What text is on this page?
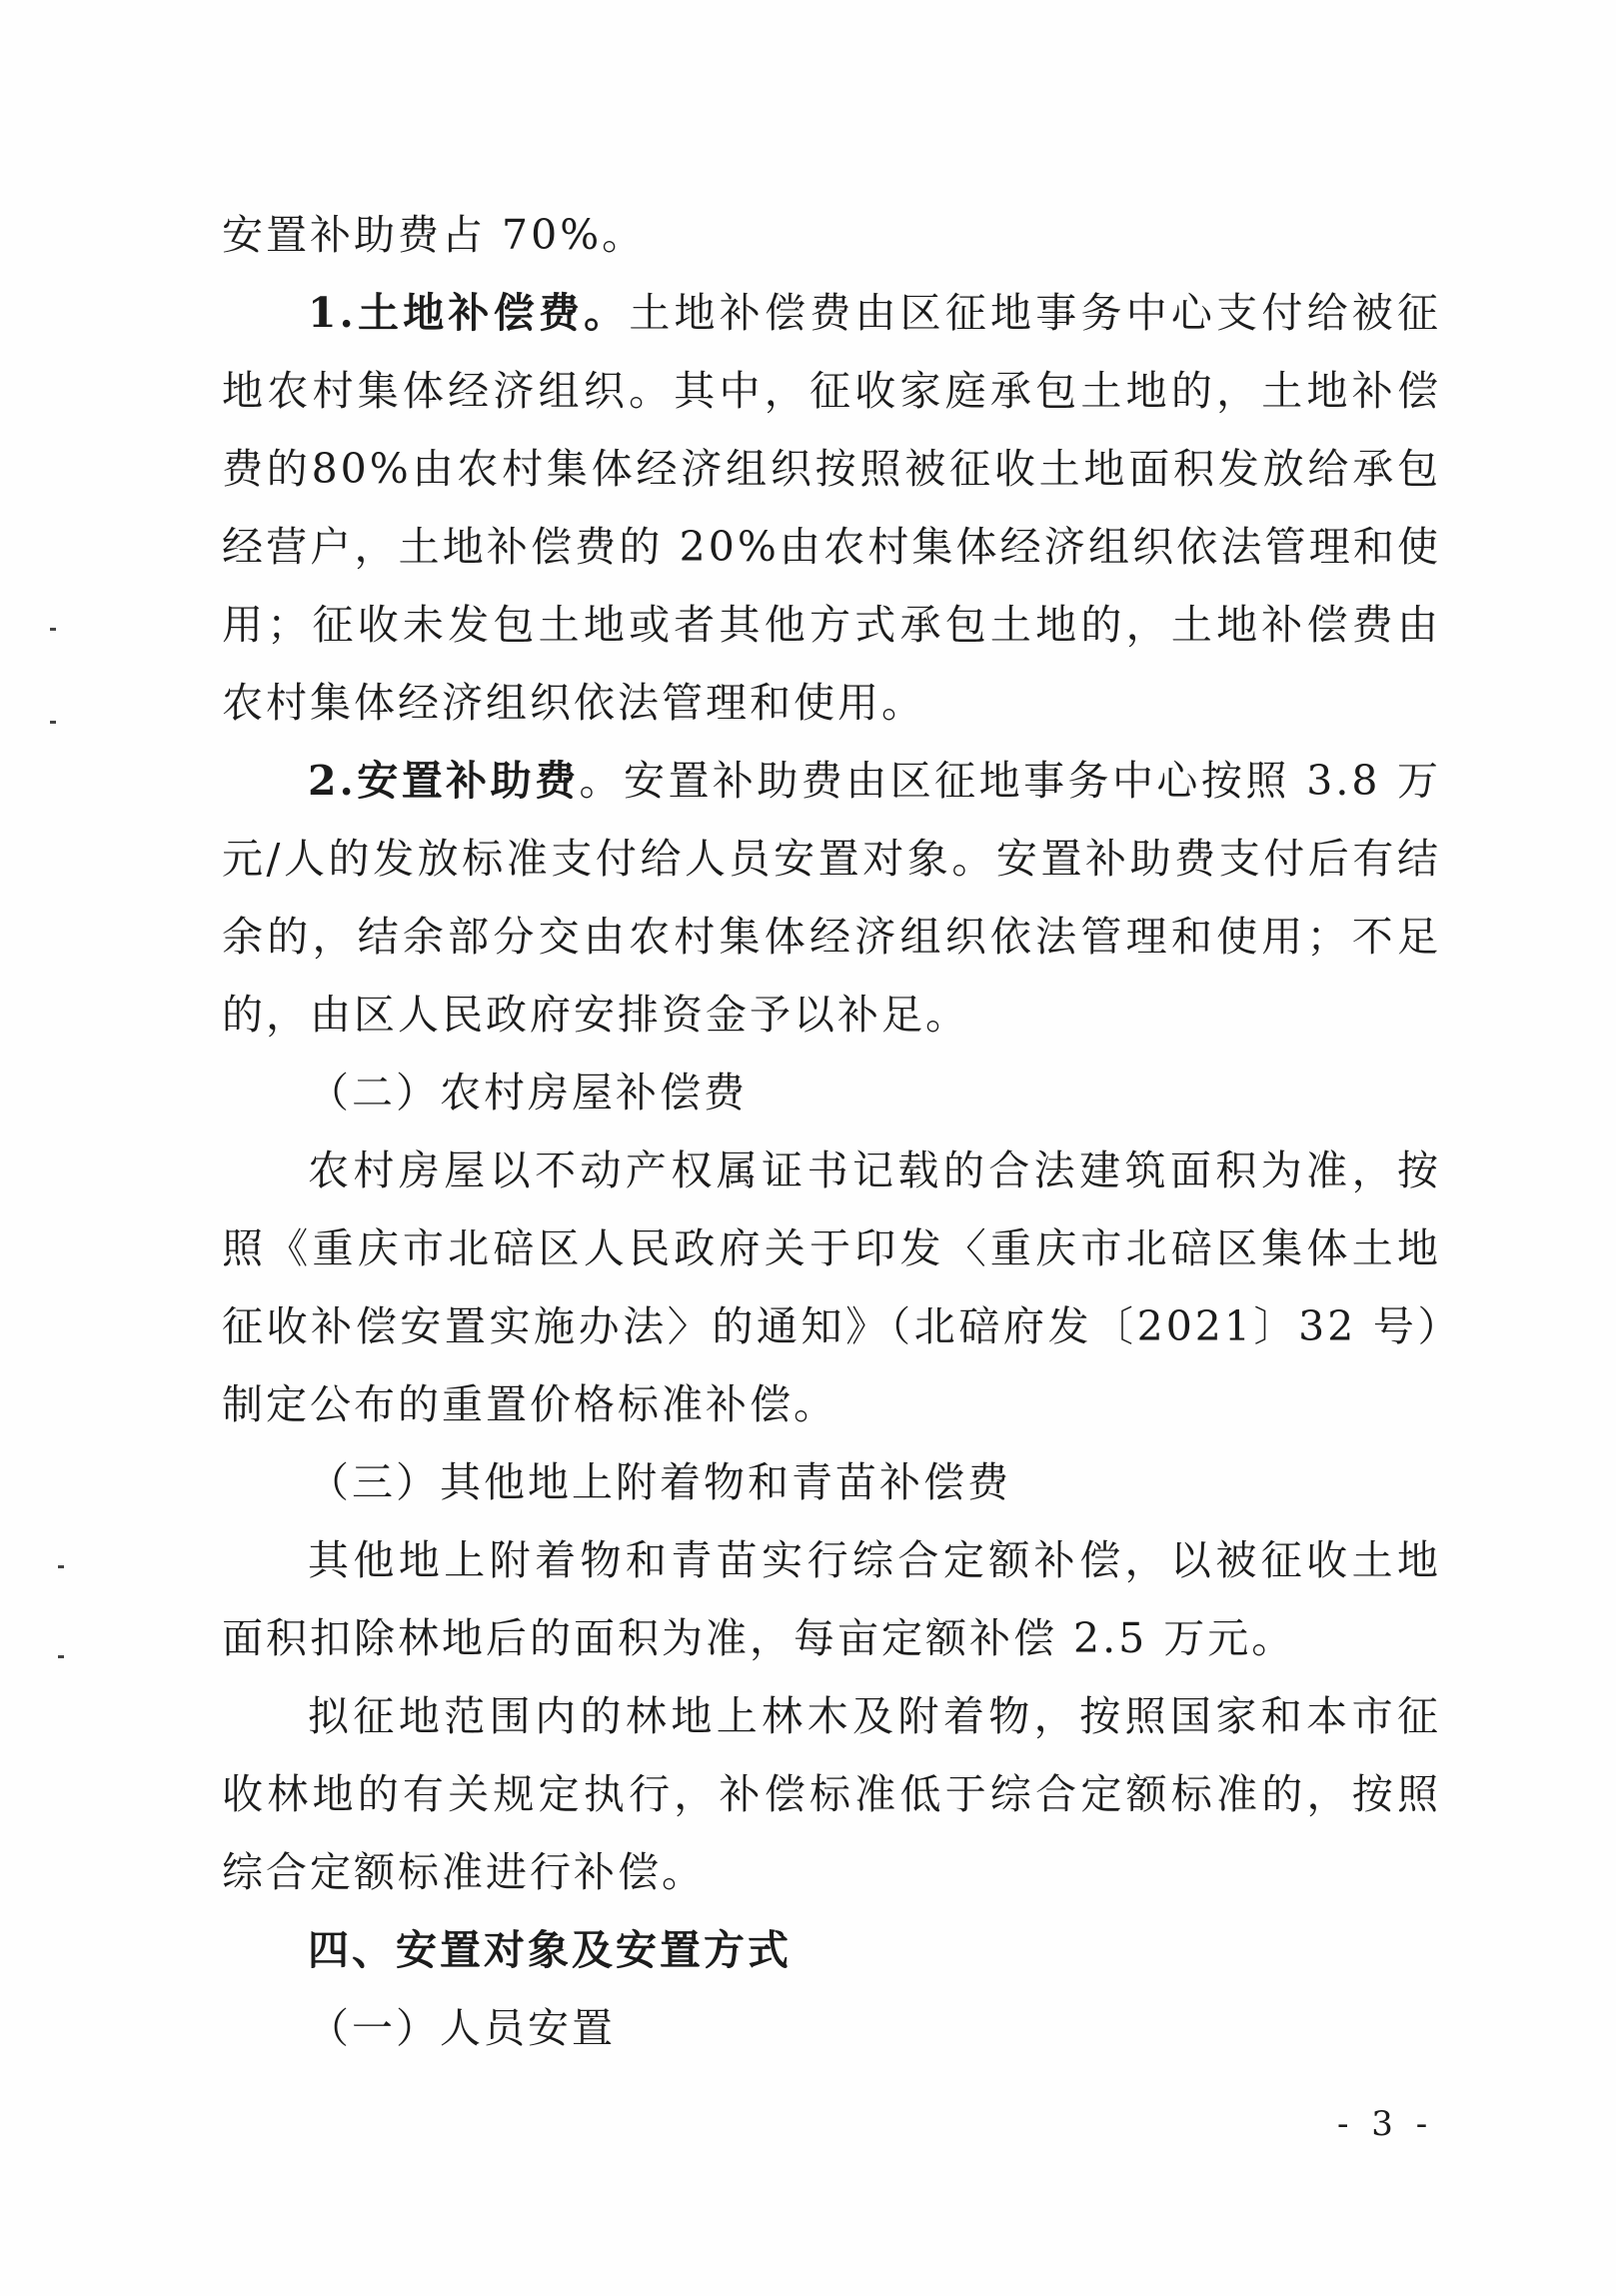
安置补助费占 70%。

1.土地补偿费。土地补偿费由区征地事务中心支付给被征地农村集体经济组织。其中，征收家庭承包土地的，土地补偿费的80%由农村集体经济组织按照被征收土地面积发放给承包经营户，土地补偿费的 20%由农村集体经济组织依法管理和使用；征收未发包土地或者其他方式承包土地的，土地补偿费由农村集体经济组织依法管理和使用。

2.安置补助费。安置补助费由区征地事务中心按照 3.8 万元/人的发放标准支付给人员安置对象。安置补助费支付后有结余的，结余部分交由农村集体经济组织依法管理和使用；不足的，由区人民政府安排资金予以补足。

（二）农村房屋补偿费

农村房屋以不动产权属证书记载的合法建筑面积为准，按照《重庆市北碚区人民政府关于印发〈重庆市北碚区集体土地征收补偿安置实施办法〉的通知》（北碚府发〔2021〕32 号）制定公布的重置价格标准补偿。

（三）其他地上附着物和青苗补偿费

其他地上附着物和青苗实行综合定额补偿，以被征收土地面积扣除林地后的面积为准，每亩定额补偿 2.5 万元。

拟征地范围内的林地上林木及附着物，按照国家和本市征收林地的有关规定执行，补偿标准低于综合定额标准的，按照综合定额标准进行补偿。

四、安置对象及安置方式

（一）人员安置

- 3 -
